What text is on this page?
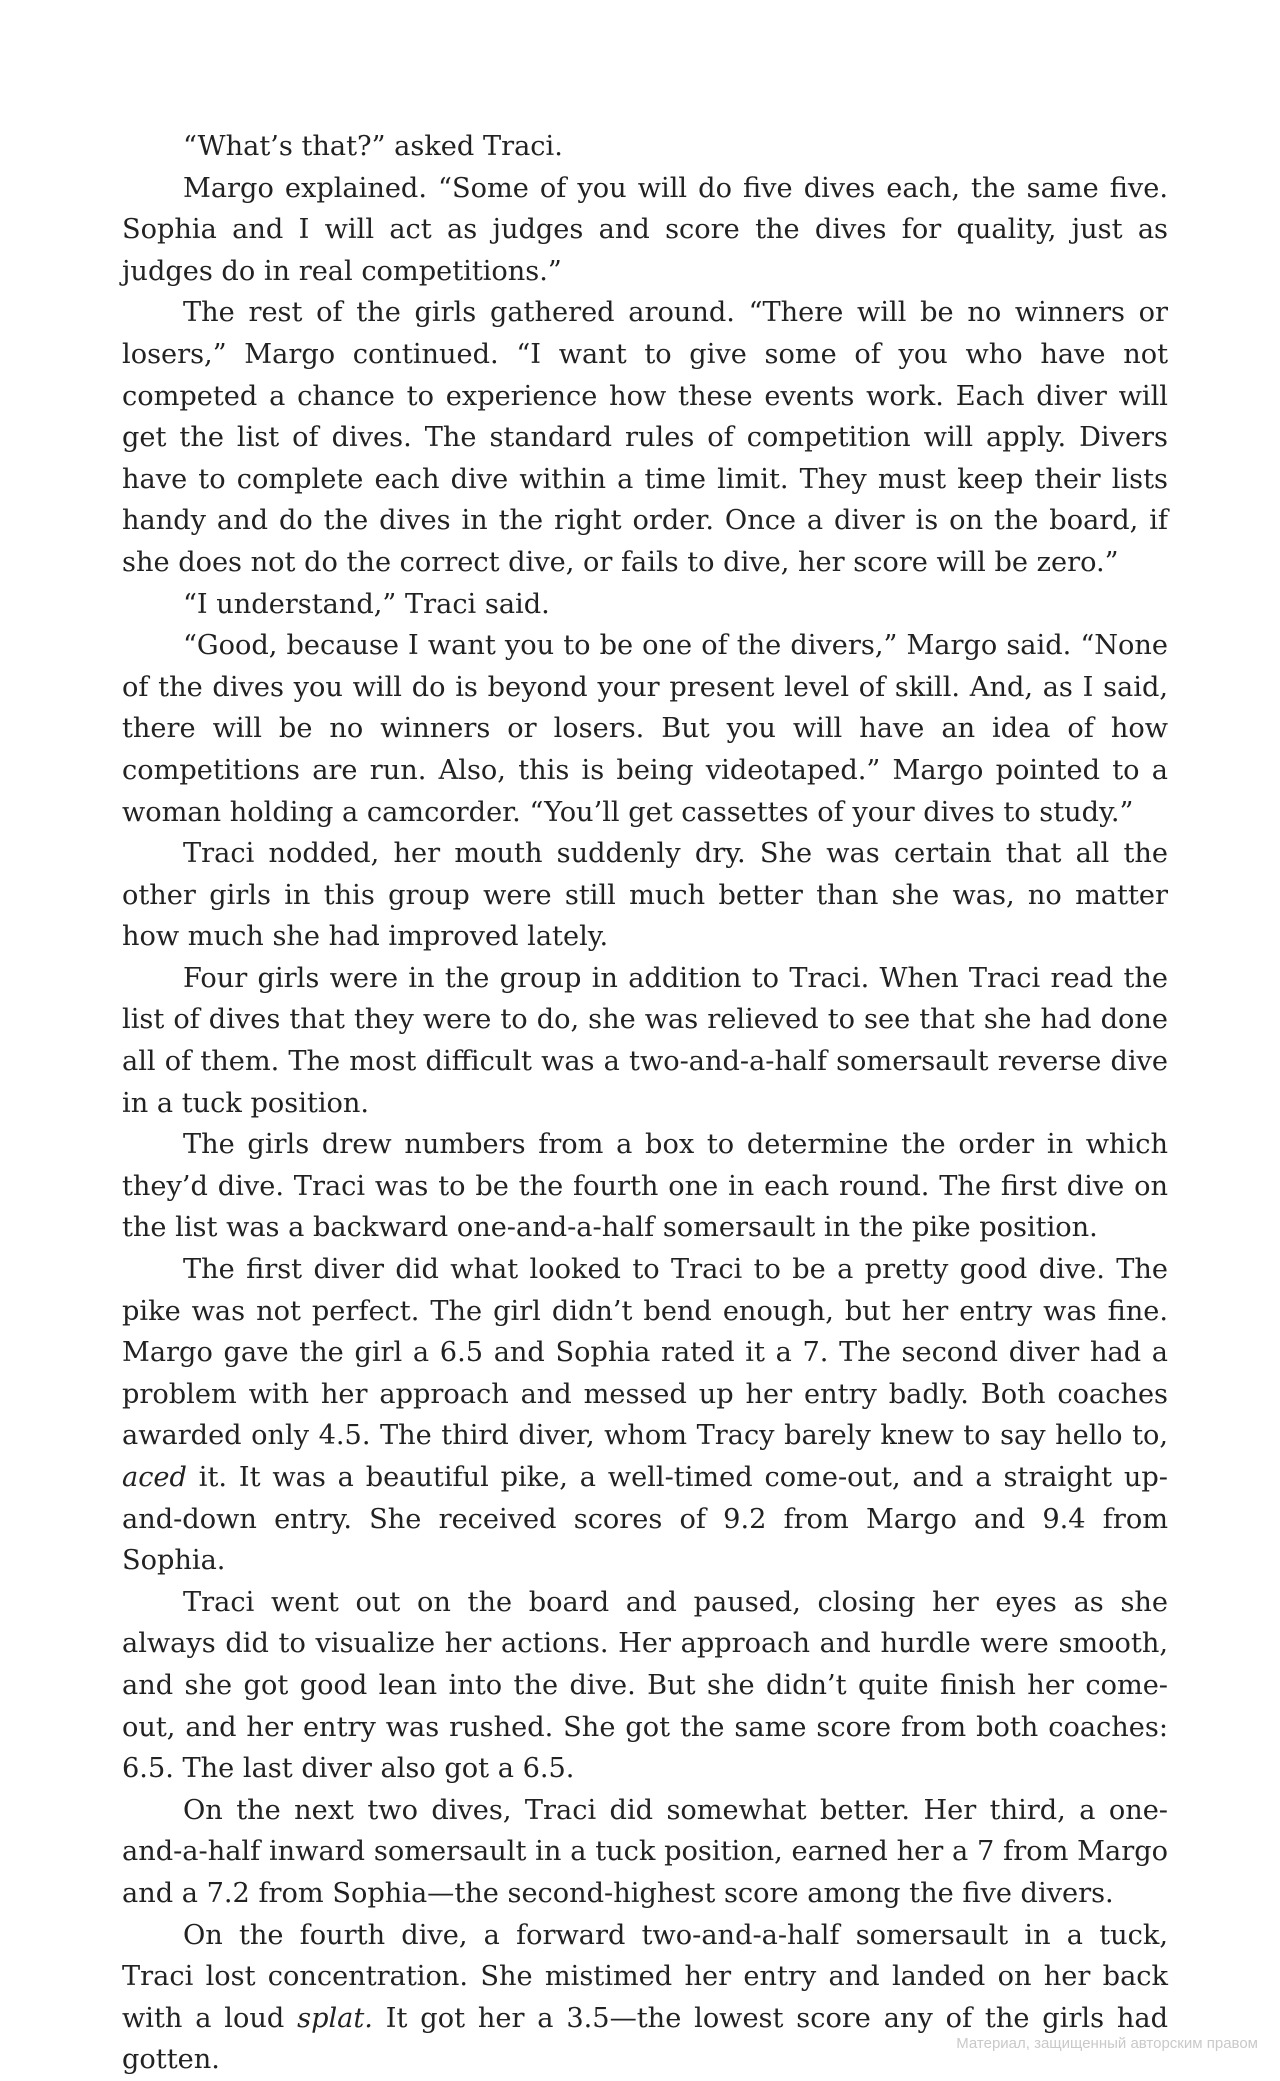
“What’s that?” asked Traci.

Margo explained. “Some of you will do five dives each, the same five. Sophia and I will act as judges and score the dives for quality, just as judges do in real competitions.”

The rest of the girls gathered around. “There will be no winners or losers,” Margo continued. “I want to give some of you who have not competed a chance to experience how these events work. Each diver will get the list of dives. The standard rules of competition will apply. Divers have to complete each dive within a time limit. They must keep their lists handy and do the dives in the right order. Once a diver is on the board, if she does not do the correct dive, or fails to dive, her score will be zero.”

“I understand,” Traci said.

“Good, because I want you to be one of the divers,” Margo said. “None of the dives you will do is beyond your present level of skill. And, as I said, there will be no winners or losers. But you will have an idea of how competitions are run. Also, this is being videotaped.” Margo pointed to a woman holding a camcorder. “You’ll get cassettes of your dives to study.”

Traci nodded, her mouth suddenly dry. She was certain that all the other girls in this group were still much better than she was, no matter how much she had improved lately.

Four girls were in the group in addition to Traci. When Traci read the list of dives that they were to do, she was relieved to see that she had done all of them. The most difficult was a two-and-a-half somersault reverse dive in a tuck position.

The girls drew numbers from a box to determine the order in which they’d dive. Traci was to be the fourth one in each round. The first dive on the list was a backward one-and-a-half somersault in the pike position.

The first diver did what looked to Traci to be a pretty good dive. The pike was not perfect. The girl didn’t bend enough, but her entry was fine. Margo gave the girl a 6.5 and Sophia rated it a 7. The second diver had a problem with her approach and messed up her entry badly. Both coaches awarded only 4.5. The third diver, whom Tracy barely knew to say hello to, aced it. It was a beautiful pike, a well-timed come-out, and a straight up-and-down entry. She received scores of 9.2 from Margo and 9.4 from Sophia.

Traci went out on the board and paused, closing her eyes as she always did to visualize her actions. Her approach and hurdle were smooth, and she got good lean into the dive. But she didn’t quite finish her come-out, and her entry was rushed. She got the same score from both coaches: 6.5. The last diver also got a 6.5.

On the next two dives, Traci did somewhat better. Her third, a one-and-a-half inward somersault in a tuck position, earned her a 7 from Margo and a 7.2 from Sophia—the second-highest score among the five divers.

On the fourth dive, a forward two-and-a-half somersault in a tuck, Traci lost concentration. She mistimed her entry and landed on her back with a loud splat. It got her a 3.5—the lowest score any of the girls had gotten.

Материал, защищенный авторским правом
